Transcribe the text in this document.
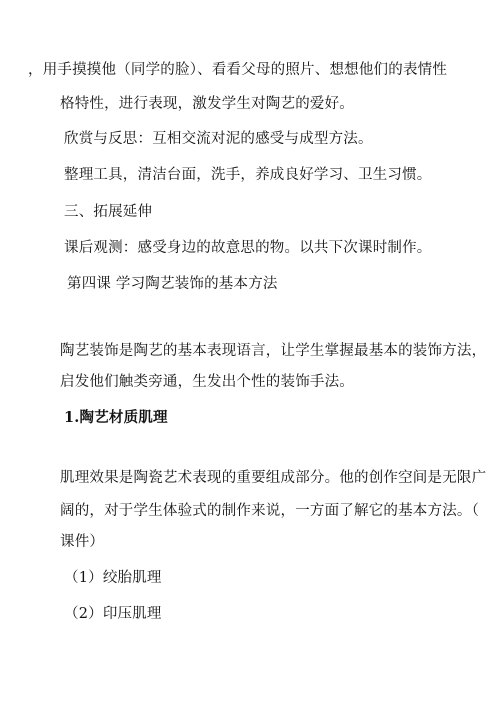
，用手摸摸他（同学的脸）、看看父母的照片、想想他们的表情性
格特性，进行表现，激发学生对陶艺的爱好。
欣赏与反思：互相交流对泥的感受与成型方法。
整理工具，清洁台面，洗手，养成良好学习、卫生习惯。
三、拓展延伸
课后观测：感受身边的故意思的物。以共下次课时制作。
第四课 学习陶艺装饰的基本方法
陶艺装饰是陶艺的基本表现语言，让学生掌握最基本的装饰方法，
启发他们触类旁通，生发出个性的装饰手法。
1.陶艺材质肌理
肌理效果是陶瓷艺术表现的重要组成部分。他的创作空间是无限广
阔的，对于学生体验式的制作来说，一方面了解它的基本方法。（
课件）
（1）绞胎肌理
（2）印压肌理
